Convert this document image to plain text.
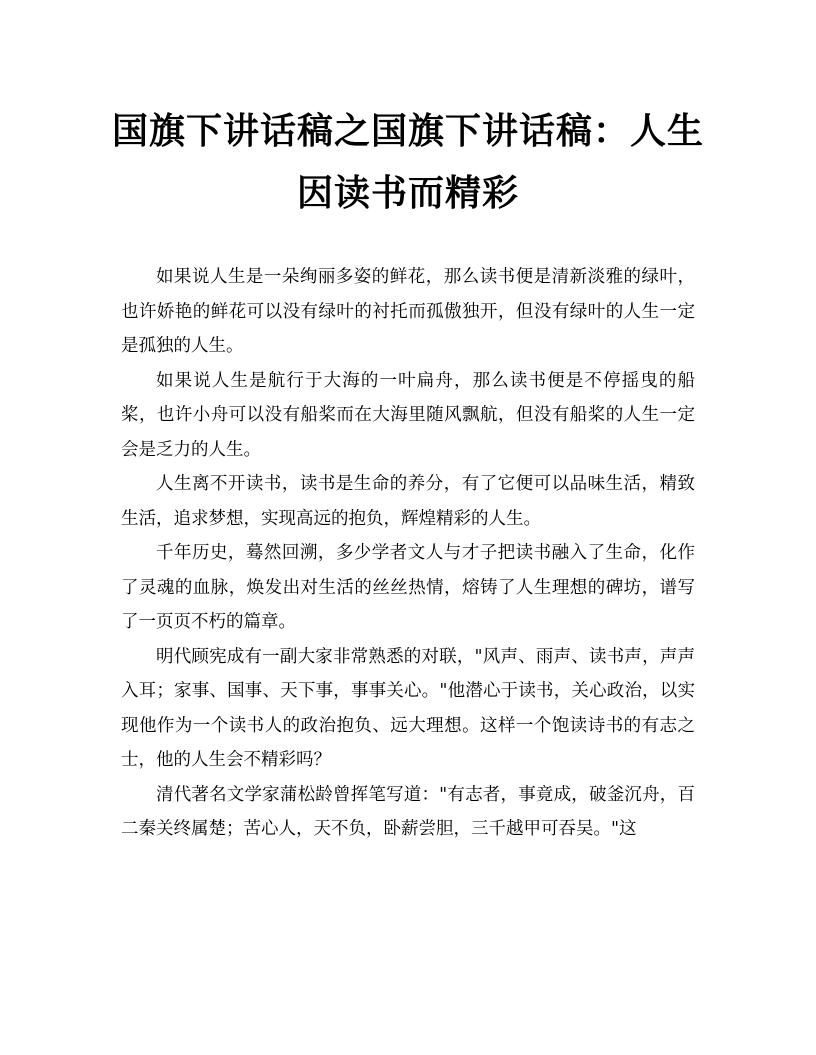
国旗下讲话稿之国旗下讲话稿：人生因读书而精彩

如果说人生是一朵绚丽多姿的鲜花，那么读书便是清新淡雅的绿叶，也许娇艳的鲜花可以没有绿叶的衬托而孤傲独开，但没有绿叶的人生一定是孤独的人生。

如果说人生是航行于大海的一叶扁舟，那么读书便是不停摇曳的船桨，也许小舟可以没有船桨而在大海里随风飘航，但没有船桨的人生一定会是乏力的人生。

人生离不开读书，读书是生命的养分，有了它便可以品味生活，精致生活，追求梦想，实现高远的抱负，辉煌精彩的人生。

千年历史，蓦然回溯，多少学者文人与才子把读书融入了生命，化作了灵魂的血脉，焕发出对生活的丝丝热情，熔铸了人生理想的碑坊，谱写了一页页不朽的篇章。

明代顾宪成有一副大家非常熟悉的对联，"风声、雨声、读书声，声声入耳；家事、国事、天下事，事事关心。"他潜心于读书，关心政治，以实现他作为一个读书人的政治抱负、远大理想。这样一个饱读诗书的有志之士，他的人生会不精彩吗？

清代著名文学家蒲松龄曾挥笔写道："有志者，事竟成，破釜沉舟，百二秦关终属楚；苦心人，天不负，卧薪尝胆，三千越甲可吞吴。"这
